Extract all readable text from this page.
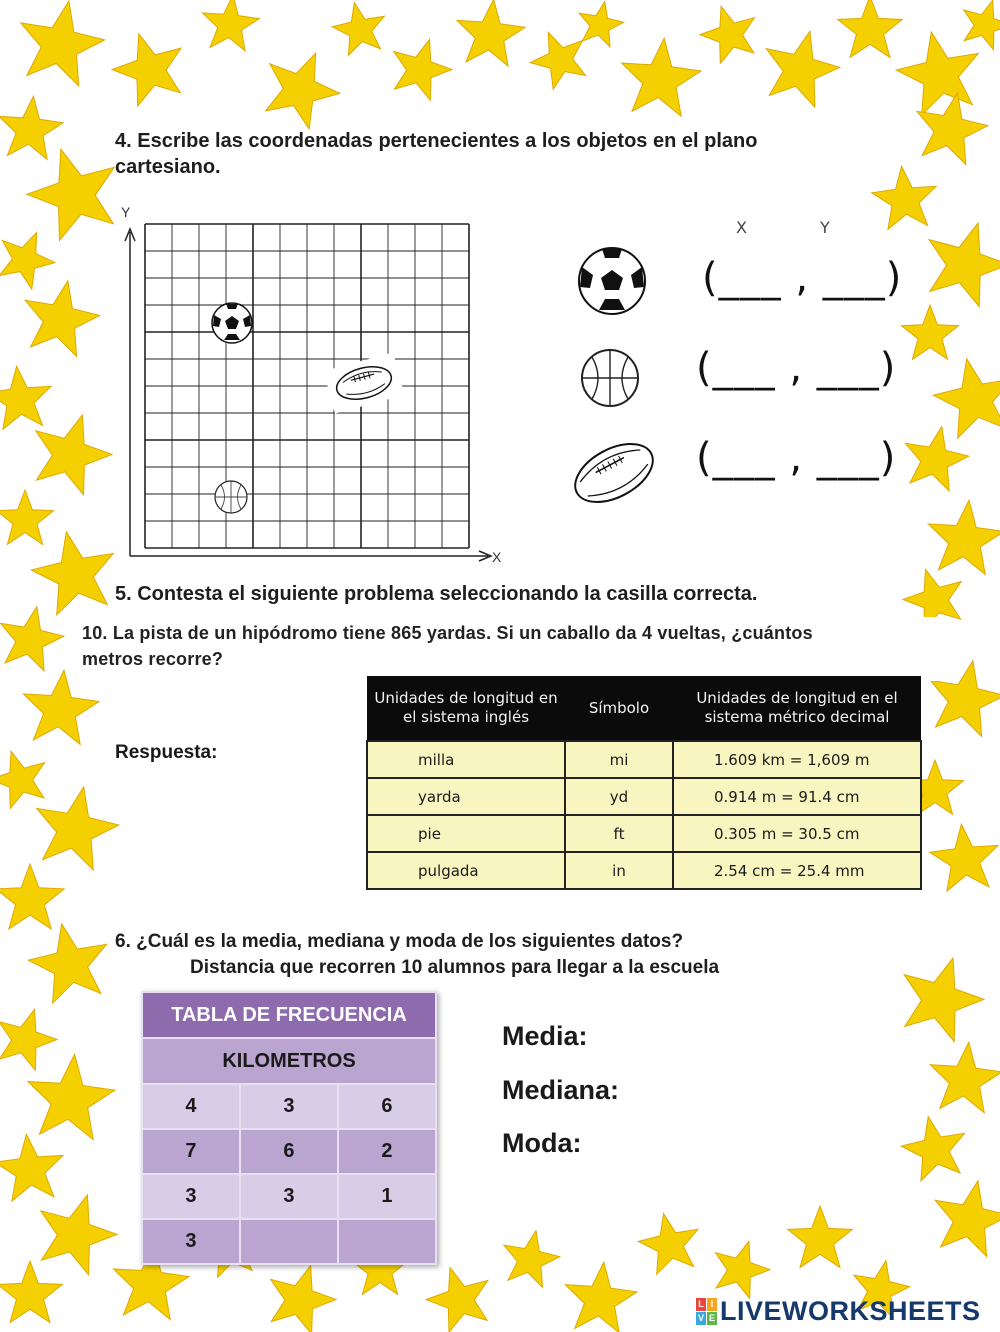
4. Escribe las coordenadas pertenecientes a los objetos en el plano
cartesiano.
Y
X
X	Y
(___ , ___)
(___ , ___)
(___ , ___)
5. Contesta el siguiente problema seleccionando la casilla correcta.
10. La pista de un hipódromo tiene 865 yardas. Si un caballo da 4 vueltas, ¿cuántos
metros recorre?
Respuesta:
Unidades de longitud en el sistema inglés	Símbolo	Unidades de longitud en el sistema métrico decimal
milla	mi	1.609 km = 1,609 m
yarda	yd	0.914 m = 91.4 cm
pie	ft	0.305 m = 30.5 cm
pulgada	in	2.54 cm = 25.4 mm
6. ¿Cuál es la media, mediana y moda de los siguientes datos?
Distancia que recorren 10 alumnos para llegar a la escuela
TABLA DE FRECUENCIA		
KILOMETROS		
4	3	6
7	6	2
3	3	1
3		
Media:
Mediana:
Moda:
L I
V E LIVEWORKSHEETS
